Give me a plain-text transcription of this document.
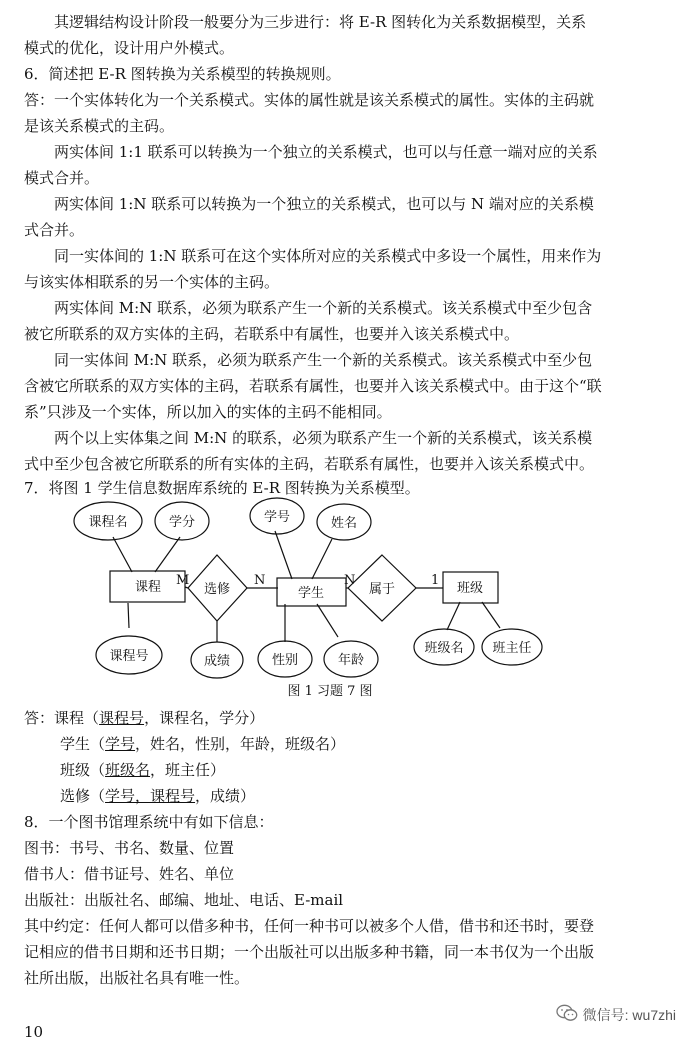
　　其逻辑结构设计阶段一般要分为三步进行：将 E-R 图转化为关系数据模型，关系
模式的优化，设计用户外模式。
6．简述把 E-R 图转换为关系模型的转换规则。
答：一个实体转化为一个关系模式。实体的属性就是该关系模式的属性。实体的主码就
是该关系模式的主码。
　　两实体间 1:1 联系可以转换为一个独立的关系模式，也可以与任意一端对应的关系
模式合并。
　　两实体间 1:N 联系可以转换为一个独立的关系模式，也可以与 N 端对应的关系模
式合并。
　　同一实体间的 1:N 联系可在这个实体所对应的关系模式中多设一个属性，用来作为
与该实体相联系的另一个实体的主码。
　　两实体间 M:N 联系，必须为联系产生一个新的关系模式。该关系模式中至少包含
被它所联系的双方实体的主码，若联系中有属性，也要并入该关系模式中。
　　同一实体间 M:N 联系，必须为联系产生一个新的关系模式。该关系模式中至少包
含被它所联系的双方实体的主码，若联系有属性，也要并入该关系模式中。由于这个“联
系”只涉及一个实体，所以加入的实体的主码不能相同。
　　两个以上实体集之间 M:N 的联系，必须为联系产生一个新的关系模式，该关系模
式中至少包含被它所联系的所有实体的主码，若联系有属性，也要并入该关系模式中。
7．将图 1 学生信息数据库系统的 E-R 图转换为关系模型。
课程名	学分
课程号	成绩
学号	姓名
性别	年龄
班级名 班主任
课程	学生	班级
选修	属于
M	N	N	1
图 1 习题 7 图
答：课程（课程号，课程名，学分）
学生（学号，姓名，性别，年龄，班级名）
班级（班级名，班主任）
选修（学号，课程号，成绩）
8．一个图书馆理系统中有如下信息：
图书：书号、书名、数量、位置
借书人：借书证号、姓名、单位
出版社：出版社名、邮编、地址、电话、E-mail
其中约定：任何人都可以借多种书，任何一种书可以被多个人借，借书和还书时，要登
记相应的借书日期和还书日期；一个出版社可以出版多种书籍，同一本书仅为一个出版
社所出版，出版社名具有唯一性。
微信号: wu7zhi
10
